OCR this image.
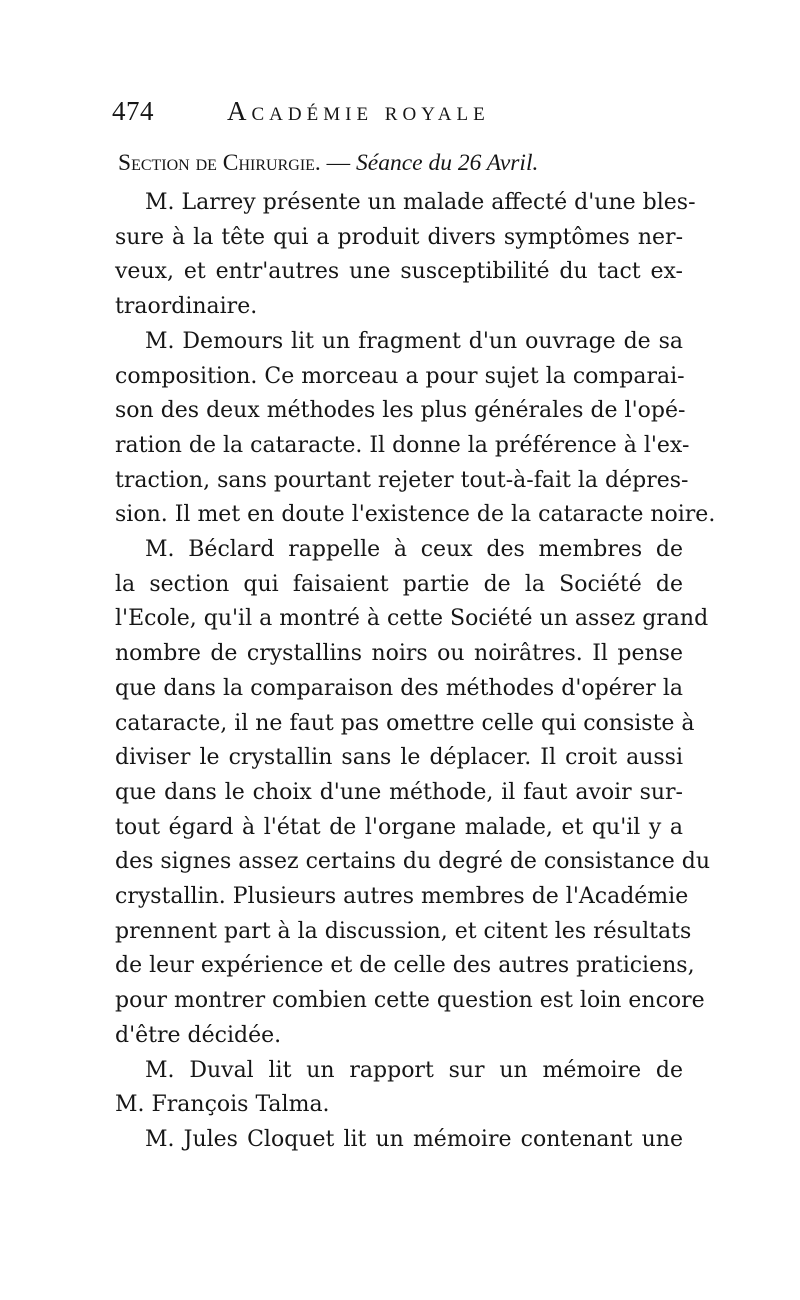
474	Académie royale
Section de Chirurgie. — Séance du 26 Avril.
M. Larrey présente un malade affecté d'une bles-
sure à la tête qui a produit divers symptômes ner-
veux, et entr'autres une susceptibilité du tact ex-
traordinaire.
M. Demours lit un fragment d'un ouvrage de sa
composition. Ce morceau a pour sujet la comparai-
son des deux méthodes les plus générales de l'opé-
ration de la cataracte. Il donne la préférence à l'ex-
traction, sans pourtant rejeter tout-à-fait la dépres-
sion. Il met en doute l'existence de la cataracte noire.
M. Béclard rappelle à ceux des membres de
la section qui faisaient partie de la Société de
l'Ecole, qu'il a montré à cette Société un assez grand
nombre de crystallins noirs ou noirâtres. Il pense
que dans la comparaison des méthodes d'opérer la
cataracte, il ne faut pas omettre celle qui consiste à
diviser le crystallin sans le déplacer. Il croit aussi
que dans le choix d'une méthode, il faut avoir sur-
tout égard à l'état de l'organe malade, et qu'il y a
des signes assez certains du degré de consistance du
crystallin. Plusieurs autres membres de l'Académie
prennent part à la discussion, et citent les résultats
de leur expérience et de celle des autres praticiens,
pour montrer combien cette question est loin encore
d'être décidée.
M. Duval lit un rapport sur un mémoire de
M. François Talma.
M. Jules Cloquet lit un mémoire contenant une
